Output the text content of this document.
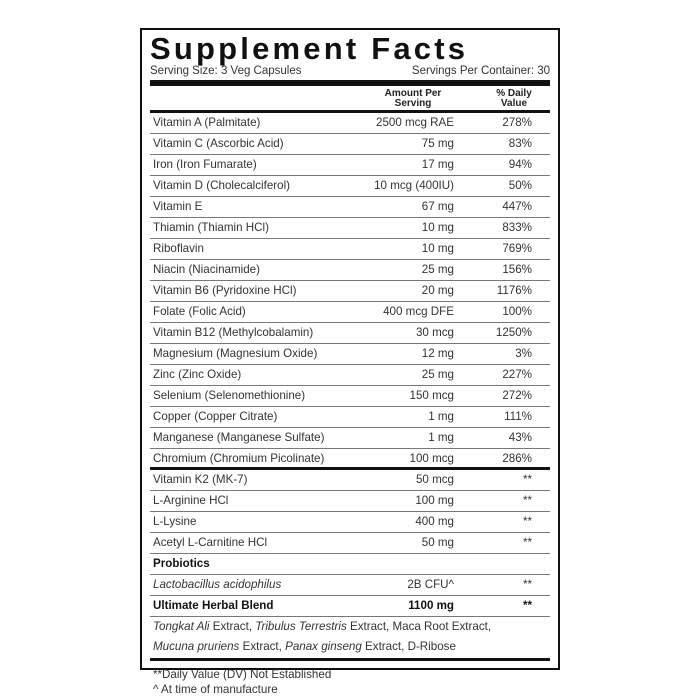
Supplement Facts
Serving Size: 3 Veg Capsules	Servings Per Container: 30
Amount Per Serving
% Daily Value
Vitamin A (Palmitate)	2500 mcg RAE	278%
Vitamin C (Ascorbic Acid)	75 mg	83%
Iron (Iron Fumarate)	17 mg	94%
Vitamin D (Cholecalciferol)	10 mcg (400IU)	50%
Vitamin E	67 mg	447%
Thiamin (Thiamin HCl)	10 mg	833%
Riboflavin	10 mg	769%
Niacin (Niacinamide)	25 mg	156%
Vitamin B6 (Pyridoxine HCl)	20 mg	1176%
Folate (Folic Acid)	400 mcg DFE	100%
Vitamin B12 (Methylcobalamin)	30 mcg	1250%
Magnesium (Magnesium Oxide)	12 mg	3%
Zinc (Zinc Oxide)	25 mg	227%
Selenium (Selenomethionine)	150 mcg	272%
Copper (Copper Citrate)	1 mg	111%
Manganese (Manganese Sulfate)	1 mg	43%
Chromium (Chromium Picolinate)	100 mcg	286%
Vitamin K2 (MK-7)	50 mcg	**
L-Arginine HCl	100 mg	**
L-Lysine	400 mg	**
Acetyl L-Carnitine HCl	50 mg	**
Probiotics
Lactobacillus acidophilus	2B CFU^	**
Ultimate Herbal Blend	1100 mg	**
Tongkat Ali Extract, Tribulus Terrestris Extract, Maca Root Extract,
Mucuna pruriens Extract, Panax ginseng Extract, D-Ribose
**Daily Value (DV) Not Established
^ At time of manufacture
